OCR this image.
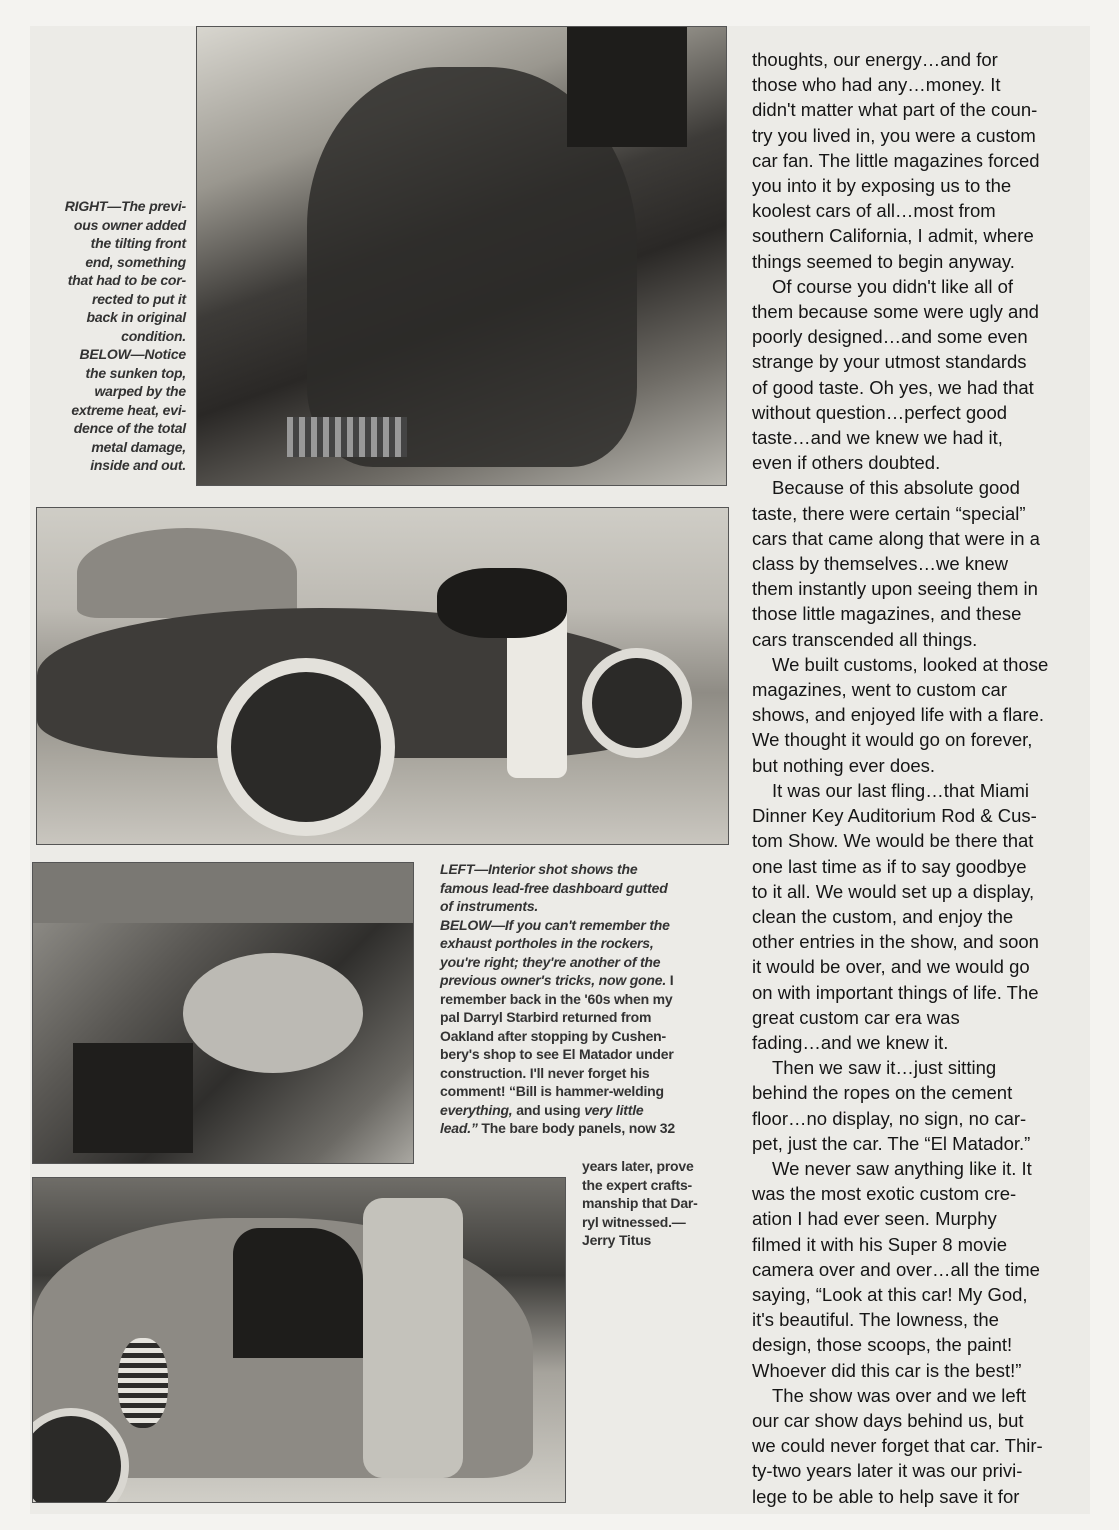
RIGHT—The previ-

ous owner added

the tilting front

end, something

that had to be cor-

rected to put it

back in original

condition.

BELOW—Notice

the sunken top,

warped by the

extreme heat, evi-

dence of the total

metal damage,

inside and out.

LEFT—Interior shot shows the

famous lead-free dashboard gutted

of instruments.

BELOW—If you can't remember the

exhaust portholes in the rockers,

you're right; they're another of the

previous owner's tricks, now gone. I

remember back in the '60s when my

pal Darryl Starbird returned from

Oakland after stopping by Cushen-

bery's shop to see El Matador under

construction. I'll never forget his

comment! “Bill is hammer-welding

everything, and using very little

lead.” The bare body panels, now 32

years later, prove

the expert crafts-

manship that Dar-

ryl witnessed.—

Jerry Titus

thoughts, our energy…and for
those who had any…money. It
didn't matter what part of the coun-
try you lived in, you were a custom
car fan. The little magazines forced
you into it by exposing us to the
koolest cars of all…most from
southern California, I admit, where
things seemed to begin anyway.

Of course you didn't like all of
them because some were ugly and
poorly designed…and some even
strange by your utmost standards
of good taste. Oh yes, we had that
without question…perfect good
taste…and we knew we had it,
even if others doubted.

Because of this absolute good
taste, there were certain “special”
cars that came along that were in a
class by themselves…we knew
them instantly upon seeing them in
those little magazines, and these
cars transcended all things.

We built customs, looked at those
magazines, went to custom car
shows, and enjoyed life with a flare.
We thought it would go on forever,
but nothing ever does.

It was our last fling…that Miami
Dinner Key Auditorium Rod & Cus-
tom Show. We would be there that
one last time as if to say goodbye
to it all. We would set up a display,
clean the custom, and enjoy the
other entries in the show, and soon
it would be over, and we would go
on with important things of life. The
great custom car era was
fading…and we knew it.

Then we saw it…just sitting
behind the ropes on the cement
floor…no display, no sign, no car-
pet, just the car. The “El Matador.”

We never saw anything like it. It
was the most exotic custom cre-
ation I had ever seen. Murphy
filmed it with his Super 8 movie
camera over and over…all the time
saying, “Look at this car! My God,
it's beautiful. The lowness, the
design, those scoops, the paint!
Whoever did this car is the best!”

The show was over and we left
our car show days behind us, but
we could never forget that car. Thir-
ty-two years later it was our privi-
lege to be able to help save it for
